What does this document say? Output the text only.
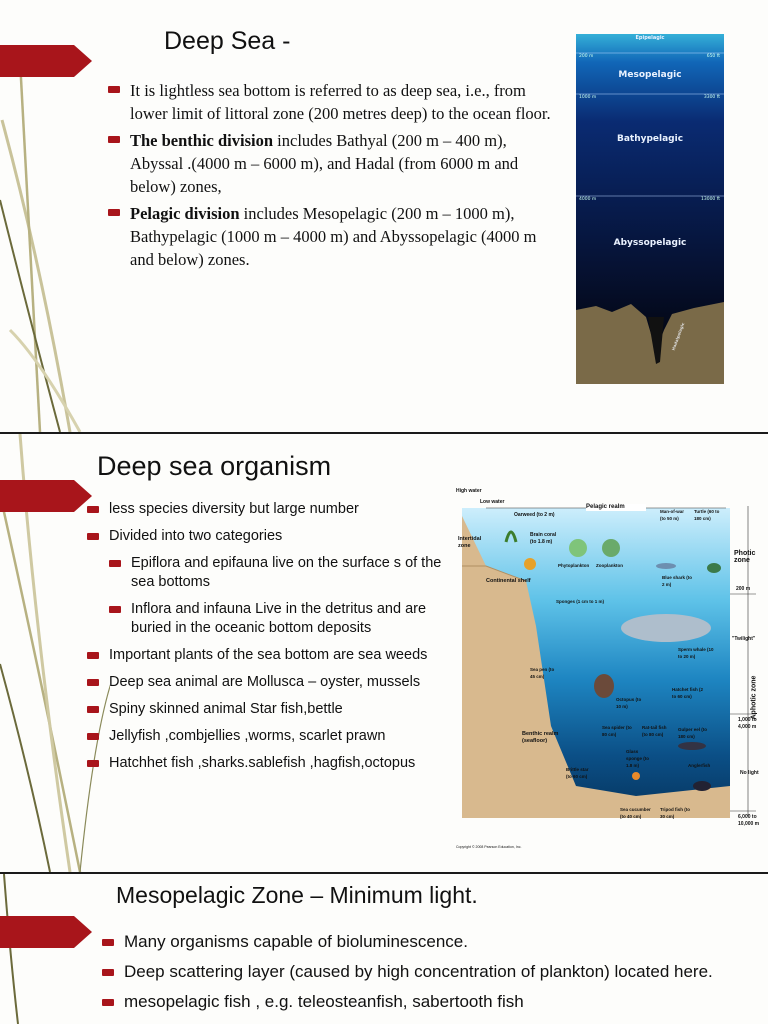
Deep Sea -
It is lightless sea bottom is referred to as deep sea, i.e., from lower limit of littoral zone (200 metres deep) to the ocean floor.
The benthic division includes Bathyal (200 m – 400 m), Abyssal .(4000 m – 6000 m), and Hadal (from 6000 m and below) zones,
Pelagic division includes Mesopelagic (200 m – 1000 m), Bathypelagic (1000 m – 4000 m) and Abyssopelagic (4000 m and below) zones.
Epipelagic
Mesopelagic
Bathypelagic
Abyssopelagic
Hadalpelagic
200 m
1000 m
4000 m
650 ft
3300 ft
13000 ft
Deep sea organism
less species diversity but large number
Divided into two categories
Epiflora and epifauna live on the surface s of the sea bottoms
Inflora and infauna Live in the detritus and are buried in the oceanic bottom deposits
Important plants of the sea bottom are sea weeds
Deep sea animal are Mollusca – oyster, mussels
Spiny skinned animal Star fish,bettle
Jellyfish ,combjellies ,worms, scarlet prawn
Hatchhet fish ,sharks.sablefish ,hagfish,octopus
High water
Low water
Pelagic realm
Intertidal zone
Continental shelf
Benthic realm (seafloor)
Photic zone
Aphotic zone
"Twilight"
No light
200 m
1,000 to 4,000 m
6,000 to 10,000 m
Oarweed (to 2 m)
Brain coral (to 1.8 m)
Phytoplankton	Zooplankton
Man-of-war (to 50 m)
Turtle (60 to 180 cm)
Blue shark (to 2 m)
Sponges (1 cm to 1 m)
Sperm whale (10 to 20 m)
Sea pen (to 45 cm)
Octopus (to 10 m)
Hatchet fish (2 to 60 cm)
Gulper eel (to 180 cm)
Brittle star (to 60 cm)
Sea cucumber (to 40 cm)
Tripod fish (to 30 cm)
Anglerfish
Glass sponge (to 1.8 m)
Rat-tail fish (to 80 cm)
Sea spider (to 80 cm)
Copyright © 2008 Pearson Education, Inc.
Mesopelagic Zone – Minimum light.
Many organisms capable of bioluminescence.
Deep scattering layer (caused by high concentration of plankton) located here.
mesopelagic fish , e.g. teleosteanfish, sabertooth fish
